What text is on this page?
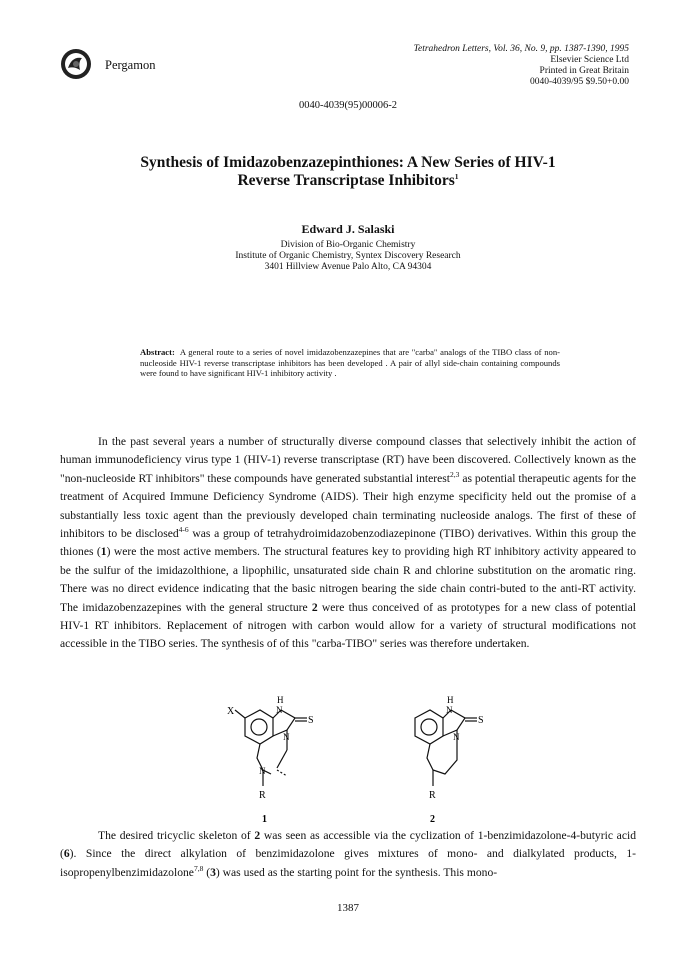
Pergamon
Tetrahedron Letters, Vol. 36, No. 9, pp. 1387-1390, 1995
Elsevier Science Ltd
Printed in Great Britain
0040-4039/95 $9.50+0.00
0040-4039(95)00006-2
Synthesis of Imidazobenzazepinthiones: A New Series of HIV-1
Reverse Transcriptase Inhibitors$^1$
Edward J. Salaski
Division of Bio-Organic Chemistry
Institute of Organic Chemistry, Syntex Discovery Research
3401 Hillview Avenue Palo Alto, CA 94304
Abstract: A general route to a series of novel imidazobenzazepines that are "carba" analogs of the TIBO class of non-nucleoside HIV-1 reverse transcriptase inhibitors has been developed . A pair of allyl side-chain containing compounds were found to have significant HIV-1 inhibitory activity .
In the past several years a number of structurally diverse compound classes that selectively inhibit the action of human immunodeficiency virus type 1 (HIV-1) reverse transcriptase (RT) have been discovered. Collectively known as the "non-nucleoside RT inhibitors" these compounds have generated substantial interest$^{2,3}$ as potential therapeutic agents for the treatment of Acquired Immune Deficiency Syndrome (AIDS). Their high enzyme specificity held out the promise of a substantially less toxic agent than the previously developed chain terminating nucleoside analogs. The first of these of inhibitors to be disclosed$^{4-6}$ was a group of tetrahydroimidazobenzodiazepinone (TIBO) derivatives. Within this group the thiones (1) were the most active members. The structural features key to providing high RT inhibitory activity appeared to be the sulfur of the imidazolthione, a lipophilic, unsaturated side chain R and chlorine substitution on the aromatic ring. There was no direct evidence indicating that the basic nitrogen bearing the side chain contri-buted to the anti-RT activity. The imidazobenzazepines with the general structure 2 were thus conceived of as prototypes for a new class of potential HIV-1 RT inhibitors. Replacement of nitrogen with carbon would allow for a variety of structural modifications not accessible in the TIBO series. The synthesis of of this "carba-TIBO" series was therefore undertaken.
X
H
N
S
N
N
R
1
H
N
S
N
R
2
The desired tricyclic skeleton of 2 was seen as accessible via the cyclization of 1-benzimidazolone-4-butyric acid (6). Since the direct alkylation of benzimidazolone gives mixtures of mono- and dialkylated products, 1-isopropenylbenzimidazolone$^{7,8}$ (3) was used as the starting point for the synthesis. This mono-
1387
